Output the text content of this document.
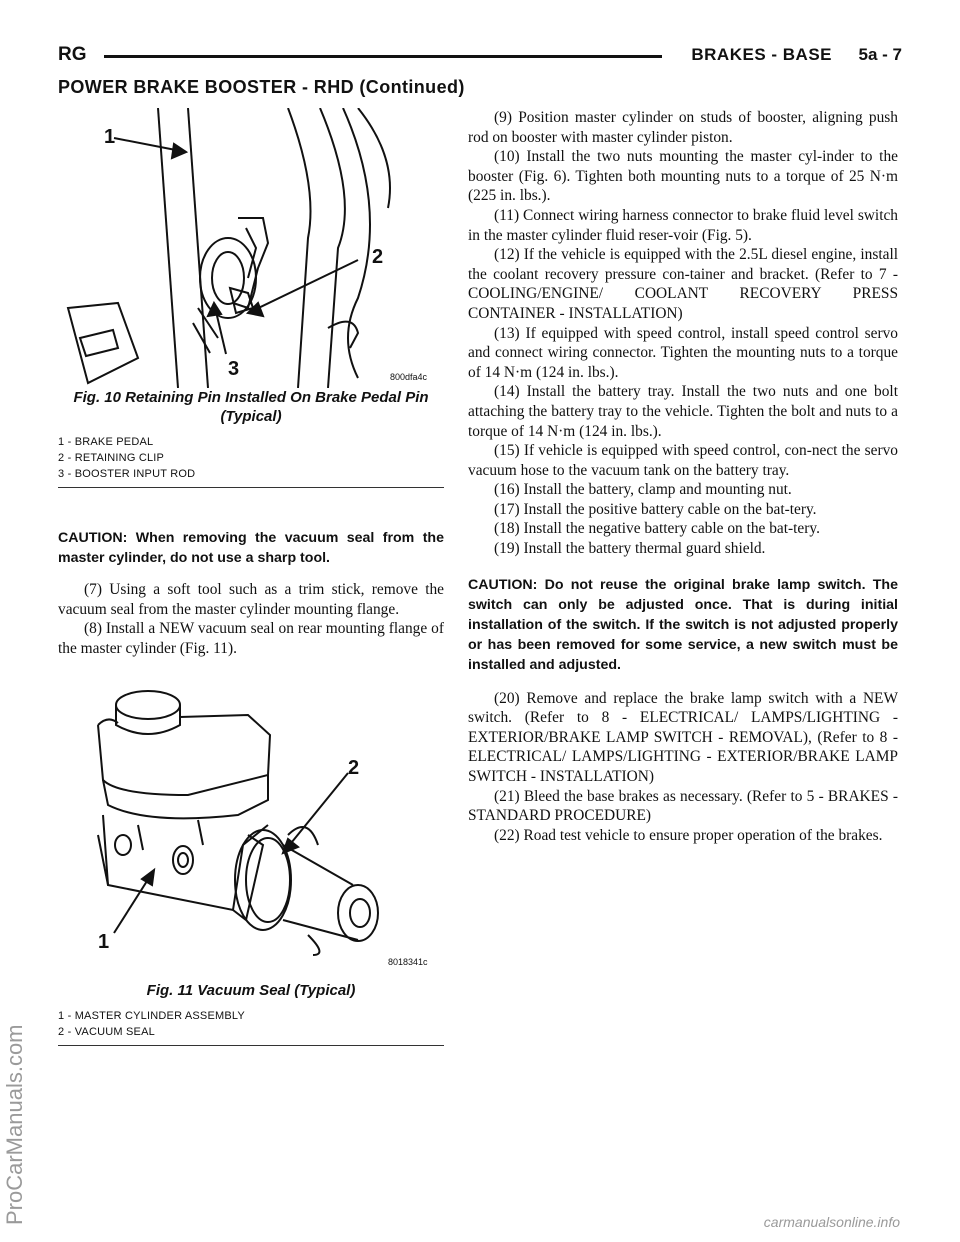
RG	BRAKES - BASE 5a - 7
POWER BRAKE BOOSTER - RHD (Continued)
ProCarManuals.com
1
2
3	800dfa4c
Fig. 10 Retaining Pin Installed On Brake Pedal Pin
(Typical)
1 - BRAKE PEDAL
2 - RETAINING CLIP
3 - BOOSTER INPUT ROD

CAUTION: When removing the vacuum seal from the master cylinder, do not use a sharp tool.

(7) Using a soft tool such as a trim stick, remove the vacuum seal from the master cylinder mounting flange.

(8) Install a NEW vacuum seal on rear mounting flange of the master cylinder (Fig. 11).

2
1
8018341c
Fig. 11 Vacuum Seal (Typical)
1 - MASTER CYLINDER ASSEMBLY
2 - VACUUM SEAL

(9) Position master cylinder on studs of booster, aligning push rod on booster with master cylinder piston.

(10) Install the two nuts mounting the master cyl-inder to the booster (Fig. 6). Tighten both mounting nuts to a torque of 25 N·m (225 in. lbs.).

(11) Connect wiring harness connector to brake fluid level switch in the master cylinder fluid reser-voir (Fig. 5).

(12) If the vehicle is equipped with the 2.5L diesel engine, install the coolant recovery pressure con-tainer and bracket. (Refer to 7 - COOLING/ENGINE/ COOLANT RECOVERY PRESS CONTAINER - INSTALLATION)

(13) If equipped with speed control, install speed control servo and connect wiring connector. Tighten the mounting nuts to a torque of 14 N·m (124 in. lbs.).

(14) Install the battery tray. Install the two nuts and one bolt attaching the battery tray to the vehicle. Tighten the bolt and nuts to a torque of 14 N·m (124 in. lbs.).

(15) If vehicle is equipped with speed control, con-nect the servo vacuum hose to the vacuum tank on the battery tray.

(16) Install the battery, clamp and mounting nut.

(17) Install the positive battery cable on the bat-tery.

(18) Install the negative battery cable on the bat-tery.

(19) Install the battery thermal guard shield.

CAUTION: Do not reuse the original brake lamp switch. The switch can only be adjusted once. That is during initial installation of the switch. If the switch is not adjusted properly or has been removed for some service, a new switch must be installed and adjusted.

(20) Remove and replace the brake lamp switch with a NEW switch. (Refer to 8 - ELECTRICAL/ LAMPS/LIGHTING - EXTERIOR/BRAKE LAMP SWITCH - REMOVAL), (Refer to 8 - ELECTRICAL/ LAMPS/LIGHTING - EXTERIOR/BRAKE LAMP SWITCH - INSTALLATION)

(21) Bleed the base brakes as necessary. (Refer to 5 - BRAKES - STANDARD PROCEDURE)

(22) Road test vehicle to ensure proper operation of the brakes.

carmanualsonline.info
